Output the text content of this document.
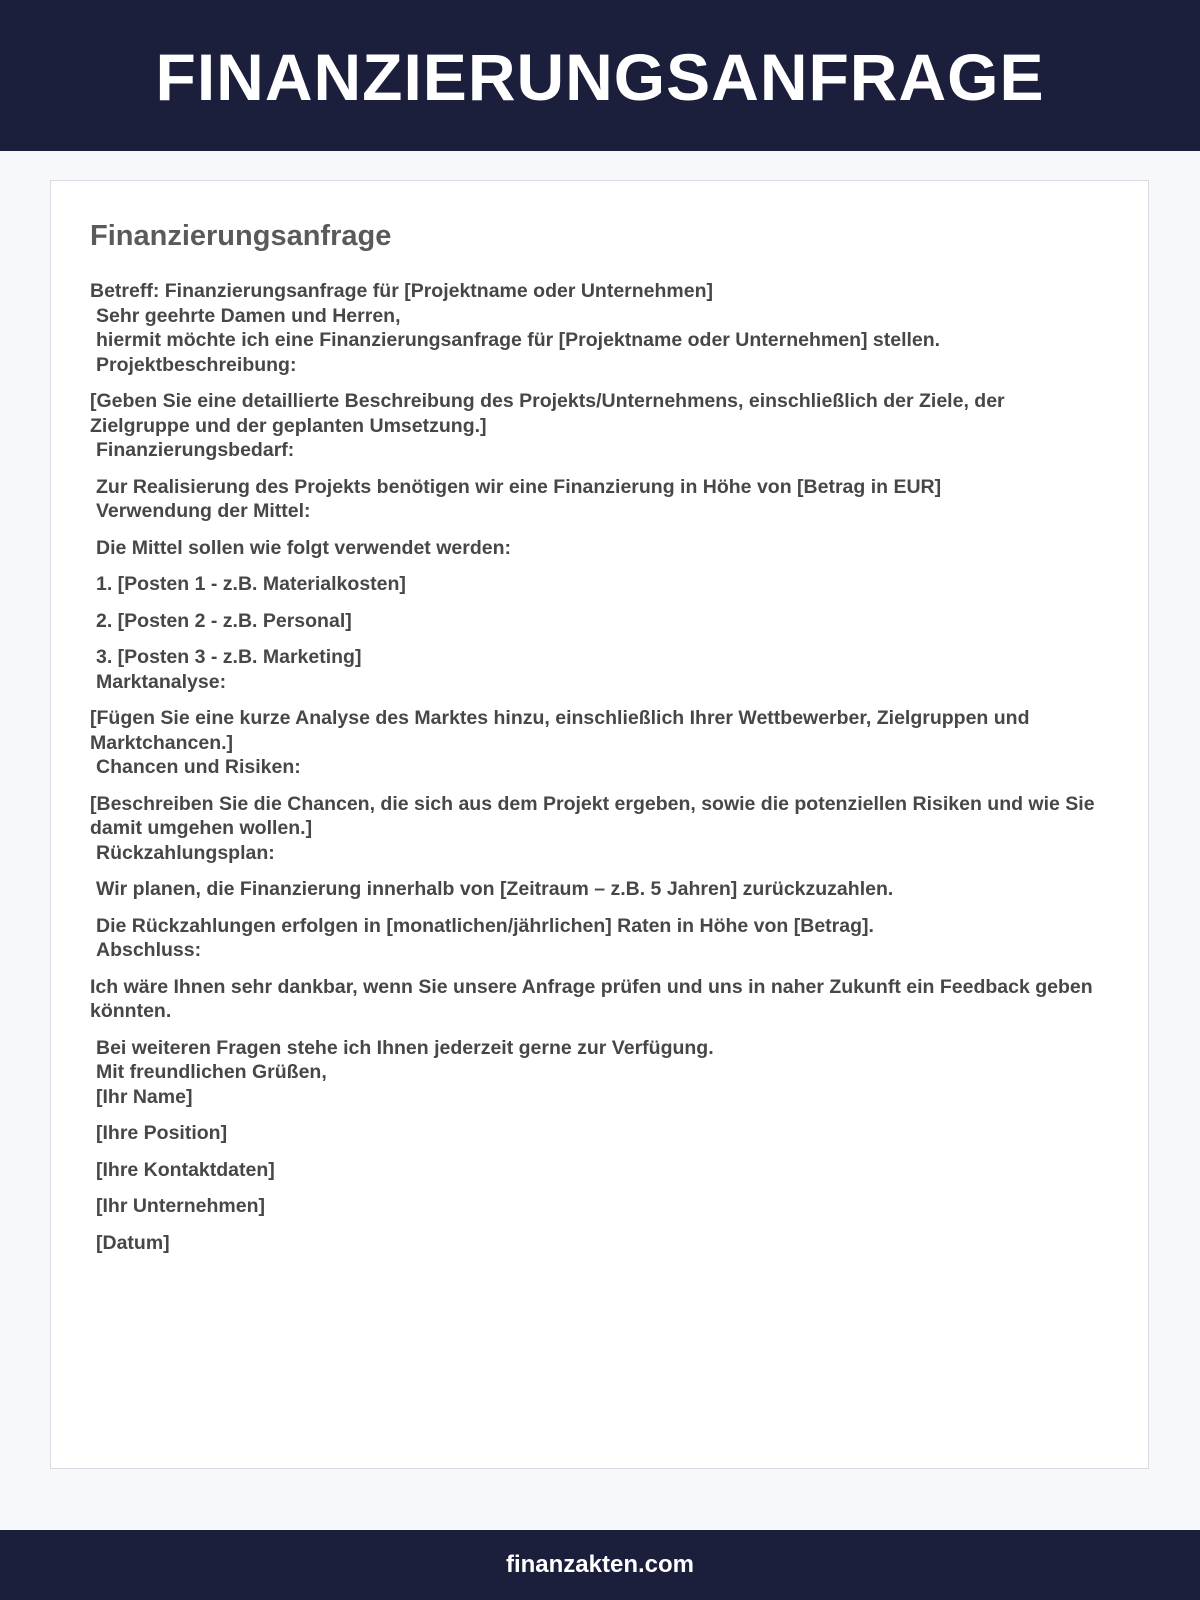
FINANZIERUNGSANFRAGE
Finanzierungsanfrage

Betreff: Finanzierungsanfrage für [Projektname oder Unternehmen]

Sehr geehrte Damen und Herren,

hiermit möchte ich eine Finanzierungsanfrage für [Projektname oder Unternehmen] stellen.

Projektbeschreibung:

[Geben Sie eine detaillierte Beschreibung des Projekts/Unternehmens, einschließlich der Ziele, der Zielgruppe und der geplanten Umsetzung.]

Finanzierungsbedarf:

Zur Realisierung des Projekts benötigen wir eine Finanzierung in Höhe von [Betrag in EUR]

Verwendung der Mittel:

Die Mittel sollen wie folgt verwendet werden:

1. [Posten 1 - z.B. Materialkosten]

2. [Posten 2 - z.B. Personal]

3. [Posten 3 - z.B. Marketing]

Marktanalyse:

[Fügen Sie eine kurze Analyse des Marktes hinzu, einschließlich Ihrer Wettbewerber, Zielgruppen und Marktchancen.]

Chancen und Risiken:

[Beschreiben Sie die Chancen, die sich aus dem Projekt ergeben, sowie die potenziellen Risiken und wie Sie damit umgehen wollen.]

Rückzahlungsplan:

Wir planen, die Finanzierung innerhalb von [Zeitraum – z.B. 5 Jahren] zurückzuzahlen.

Die Rückzahlungen erfolgen in [monatlichen/jährlichen] Raten in Höhe von [Betrag].

Abschluss:

Ich wäre Ihnen sehr dankbar, wenn Sie unsere Anfrage prüfen und uns in naher Zukunft ein Feedback geben könnten.

Bei weiteren Fragen stehe ich Ihnen jederzeit gerne zur Verfügung.

Mit freundlichen Grüßen,

[Ihr Name]

[Ihre Position]

[Ihre Kontaktdaten]

[Ihr Unternehmen]

[Datum]

finanzakten.com
